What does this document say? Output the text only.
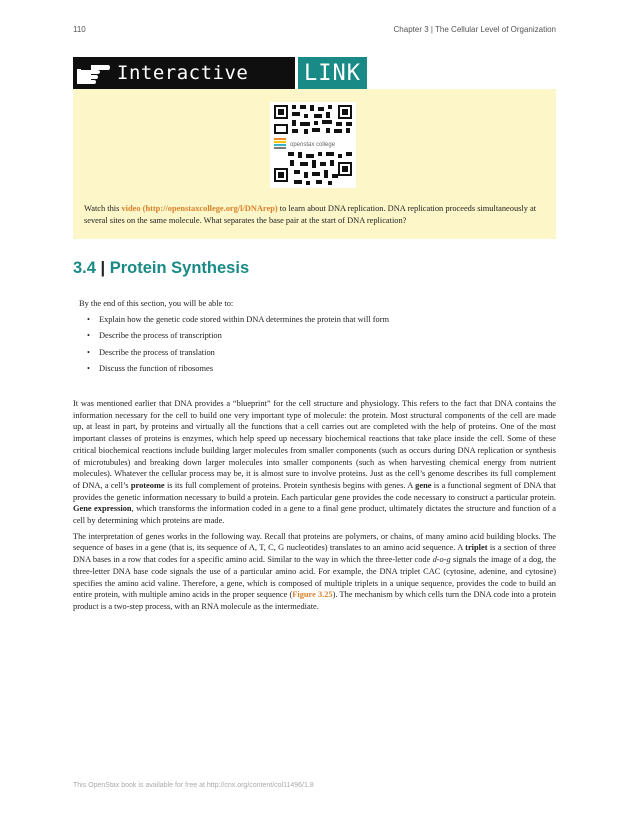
110	Chapter 3 | The Cellular Level of Organization
Interactive	LINK
openstax college
Watch this video (http://openstaxcollege.org/l/DNArep) to learn about DNA replication. DNA replication proceeds simultaneously at several sites on the same molecule. What separates the base pair at the start of DNA replication?
3.4 | Protein Synthesis
By the end of this section, you will be able to:
• Explain how the genetic code stored within DNA determines the protein that will form
• Describe the process of transcription
• Describe the process of translation
• Discuss the function of ribosomes

It was mentioned earlier that DNA provides a “blueprint” for the cell structure and physiology. This refers to the fact that DNA contains the information necessary for the cell to build one very important type of molecule: the protein. Most structural components of the cell are made up, at least in part, by proteins and virtually all the functions that a cell carries out are completed with the help of proteins. One of the most important classes of proteins is enzymes, which help speed up necessary biochemical reactions that take place inside the cell. Some of these critical biochemical reactions include building larger molecules from smaller components (such as occurs during DNA replication or synthesis of microtubules) and breaking down larger molecules into smaller components (such as when harvesting chemical energy from nutrient molecules). Whatever the cellular process may be, it is almost sure to involve proteins. Just as the cell’s genome describes its full complement of DNA, a cell’s proteome is its full complement of proteins. Protein synthesis begins with genes. A gene is a functional segment of DNA that provides the genetic information necessary to build a protein. Each particular gene provides the code necessary to construct a particular protein. Gene expression, which transforms the information coded in a gene to a final gene product, ultimately dictates the structure and function of a cell by determining which proteins are made.

The interpretation of genes works in the following way. Recall that proteins are polymers, or chains, of many amino acid building blocks. The sequence of bases in a gene (that is, its sequence of A, T, C, G nucleotides) translates to an amino acid sequence. A triplet is a section of three DNA bases in a row that codes for a specific amino acid. Similar to the way in which the three-letter code d-o-g signals the image of a dog, the three-letter DNA base code signals the use of a particular amino acid. For example, the DNA triplet CAC (cytosine, adenine, and cytosine) specifies the amino acid valine. Therefore, a gene, which is composed of multiple triplets in a unique sequence, provides the code to build an entire protein, with multiple amino acids in the proper sequence (Figure 3.25). The mechanism by which cells turn the DNA code into a protein product is a two-step process, with an RNA molecule as the intermediate.

This OpenStax book is available for free at http://cnx.org/content/col11496/1.8
